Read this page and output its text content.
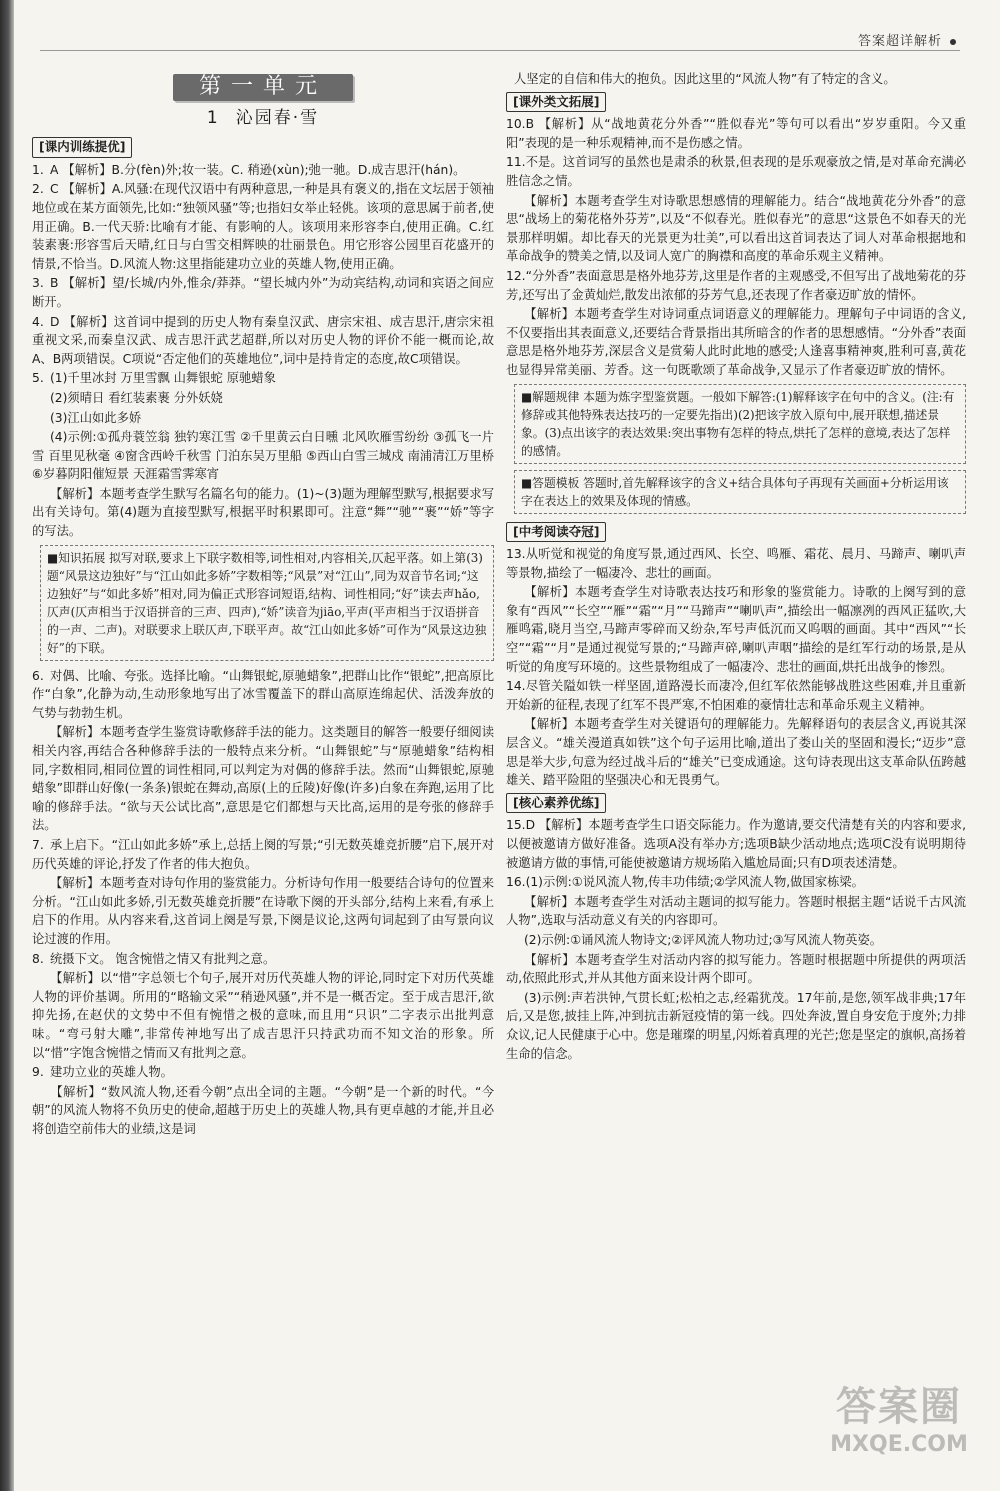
答案超详解析
第一单元
1 沁园春·雪
[课内训练提优]
1. A 【解析】B.分(fèn)外;妆一装。C. 稍逊(xùn);弛一驰。D.成吉思汗(hán)。
2. C 【解析】A.风骚:在现代汉语中有两种意思,一种是具有褒义的,指在文坛居于领袖地位或在某方面领先,比如:“独领风骚”等;也指妇女举止轻佻。该项的意思属于前者,使用正确。B.一代天骄:比喻有才能、有影响的人。该项用来形容李白,使用正确。C.红装素裹:形容雪后天晴,红日与白雪交相辉映的壮丽景色。用它形容公园里百花盛开的情景,不恰当。D.风流人物:这里指能建功立业的英雄人物,使用正确。
3. B 【解析】望/长城/内外,惟余/莽莽。“望长城内外”为动宾结构,动词和宾语之间应断开。
4. D 【解析】这首词中提到的历史人物有秦皇汉武、唐宗宋祖、成吉思汗,唐宗宋祖重视文采,而秦皇汉武、成吉思汗武艺超群,所以对历史人物的评价不能一概而论,故A、B两项错误。C项说“否定他们的英雄地位”,词中是持肯定的态度,故C项错误。
5. (1)千里冰封 万里雪飘 山舞银蛇 原驰蜡象
(2)须晴日 看红装素裹 分外妖娆
(3)江山如此多娇
(4)示例:①孤舟蓑笠翁 独钓寒江雪 ②千里黄云白日曛 北风吹雁雪纷纷 ③孤飞一片雪 百里见秋毫 ④窗含西岭千秋雪 门泊东吴万里船 ⑤西山白雪三城戍 南浦清江万里桥 ⑥岁暮阴阳催短景 天涯霜雪霁寒宵
【解析】本题考查学生默写名篇名句的能力。(1)~(3)题为理解型默写,根据要求写出有关诗句。第(4)题为直接型默写,根据平时积累即可。注意“舞”“驰”“裹”“娇”等字的写法。
■知识拓展 拟写对联,要求上下联字数相等,词性相对,内容相关,仄起平落。如上第(3)题“风景这边独好”与“江山如此多娇”字数相等;“风景”对“江山”,同为双音节名词;“这边独好”与“如此多娇”相对,同为偏正式形容词短语,结构、词性相同;“好”读去声hǎo,仄声(仄声相当于汉语拼音的三声、四声),“娇”读音为jiāo,平声(平声相当于汉语拼音的一声、二声)。对联要求上联仄声,下联平声。故“江山如此多娇”可作为“风景这边独好”的下联。
6. 对偶、比喻、夸张。选择比喻。“山舞银蛇,原驰蜡象”,把群山比作“银蛇”,把高原比作“白象”,化静为动,生动形象地写出了冰雪覆盖下的群山高原连绵起伏、活泼奔放的气势与勃勃生机。
【解析】本题考查学生鉴赏诗歌修辞手法的能力。这类题目的解答一般要仔细阅读相关内容,再结合各种修辞手法的一般特点来分析。“山舞银蛇”与“原驰蜡象”结构相同,字数相同,相同位置的词性相同,可以判定为对偶的修辞手法。然而“山舞银蛇,原驰蜡象”即群山好像(一条条)银蛇在舞动,高原(上的丘陵)好像(许多)白象在奔跑,运用了比喻的修辞手法。“欲与天公试比高”,意思是它们都想与天比高,运用的是夸张的修辞手法。
7. 承上启下。“江山如此多娇”承上,总括上阕的写景;“引无数英雄竞折腰”启下,展开对历代英雄的评论,抒发了作者的伟大抱负。
【解析】本题考查对诗句作用的鉴赏能力。分析诗句作用一般要结合诗句的位置来分析。“江山如此多娇,引无数英雄竞折腰”在诗歌下阕的开头部分,结构上来看,有承上启下的作用。从内容来看,这首词上阕是写景,下阕是议论,这两句词起到了由写景向议论过渡的作用。
8. 统摄下文。 饱含惋惜之情又有批判之意。
【解析】以“惜”字总领七个句子,展开对历代英雄人物的评论,同时定下对历代英雄人物的评价基调。所用的“略输文采”“稍逊风骚”,并不是一概否定。至于成吉思汗,欲抑先扬,在赵伏的文势中不但有惋惜之极的意味,而且用“只识”二字表示出批判意味。“弯弓射大雕”,非常传神地写出了成吉思汗只持武功而不知文治的形象。所以“惜”字饱含惋惜之情而又有批判之意。
9. 建功立业的英雄人物。
【解析】“数风流人物,还看今朝”点出全词的主题。“今朝”是一个新的时代。“今朝”的风流人物将不负历史的使命,超越于历史上的英雄人物,具有更卓越的才能,并且必将创造空前伟大的业绩,这是词
人坚定的自信和伟大的抱负。因此这里的“风流人物”有了特定的含义。
[课外类文拓展]
10.B 【解析】从“战地黄花分外香”“胜似春光”等句可以看出“岁岁重阳。今又重阳”表现的是一种乐观精神,而不是伤感之情。
11.不是。这首词写的虽然也是肃杀的秋景,但表现的是乐观豪放之情,是对革命充满必胜信念之情。
【解析】本题考查学生对诗歌思想感情的理解能力。结合“战地黄花分外香”的意思“战场上的菊花格外芬芳”,以及“不似春光。胜似春光”的意思“这景色不如春天的光景那样明媚。却比春天的光景更为壮美”,可以看出这首词表达了词人对革命根据地和革命战争的赞美之情,以及词人宽广的胸襟和高度的革命乐观主义精神。
12.“分外香”表面意思是格外地芬芳,这里是作者的主观感受,不但写出了战地菊花的芬芳,还写出了金黄灿烂,散发出浓郁的芬芳气息,还表现了作者豪迈旷放的情怀。
【解析】本题考查学生对诗词重点词语意义的理解能力。理解句子中词语的含义,不仅要指出其表面意义,还要结合背景指出其所暗含的作者的思想感情。“分外香”表面意思是格外地芬芳,深层含义是赏菊人此时此地的感受;人逢喜事精神爽,胜利可喜,黄花也显得异常美丽、芳香。这一句既歌颂了革命战争,又显示了作者豪迈旷放的情怀。
■解题规律 本题为炼字型鉴赏题。一般如下解答:(1)解释该字在句中的含义。(注:有修辞或其他特殊表达技巧的一定要先指出)(2)把该字放入原句中,展开联想,描述景象。(3)点出该字的表达效果:突出事物有怎样的特点,烘托了怎样的意境,表达了怎样的感情。
■答题模板 答题时,首先解释该字的含义+结合具体句子再现有关画面+分析运用该字在表达上的效果及体现的情感。
[中考阅读夺冠]
13.从听觉和视觉的角度写景,通过西风、长空、鸣雁、霜花、晨月、马蹄声、喇叭声等景物,描绘了一幅凄冷、悲壮的画面。
【解析】本题考查学生对诗歌表达技巧和形象的鉴赏能力。诗歌的上阕写到的意象有“西风”“长空”“雁”“霜”“月”“马蹄声”“喇叭声”,描绘出一幅凛冽的西风正猛吹,大雁鸣霜,晓月当空,马蹄声零碎而又纷杂,军号声低沉而又呜咽的画面。其中“西风”“长空”“霜”“月”是通过视觉写景的;“马蹄声碎,喇叭声咽”描绘的是红军行动的场景,是从听觉的角度写环境的。这些景物组成了一幅凄冷、悲壮的画面,烘托出战争的惨烈。
14.尽管关隘如铁一样坚固,道路漫长而凄冷,但红军依然能够战胜这些困难,并且重新开始新的征程,表现了红军不畏严寒,不怕困难的豪情壮志和革命乐观主义精神。
【解析】本题考查学生对关键语句的理解能力。先解释语句的表层含义,再说其深层含义。“雄关漫道真如铁”这个句子运用比喻,道出了娄山关的坚固和漫长;“迈步”意思是举大步,句意为经过战斗后的“雄关”已变成通途。这句诗表现出这支革命队伍跨越雄关、踏平险阻的坚强决心和无畏勇气。
[核心素养优练]
15.D 【解析】本题考查学生口语交际能力。作为邀请,要交代清楚有关的内容和要求,以便被邀请方做好准备。选项A没有举办方;选项B缺少活动地点;选项C没有说明期待被邀请方做的事情,可能使被邀请方规场陷入尴尬局面;只有D项表述清楚。
16.(1)示例:①说风流人物,传丰功伟绩;②学风流人物,做国家栋梁。
【解析】本题考查学生对活动主题词的拟写能力。答题时根据主题“话说千古风流人物”,选取与活动意义有关的内容即可。
(2)示例:①诵风流人物诗文;②评风流人物功过;③写风流人物英姿。
【解析】本题考查学生对活动内容的拟写能力。答题时根据题中所提供的两项活动,依照此形式,并从其他方面来设计两个即可。
(3)示例:声若洪钟,气贯长虹;松柏之志,经霜犹茂。17年前,是您,领军战非典;17年后,又是您,披挂上阵,冲到抗击新冠疫情的第一线。四处奔波,置自身安危于度外;力排众议,记人民健康于心中。您是璀璨的明星,闪烁着真理的光芒;您是坚定的旗帜,高扬着生命的信念。
答案圈
MXQE.COM
